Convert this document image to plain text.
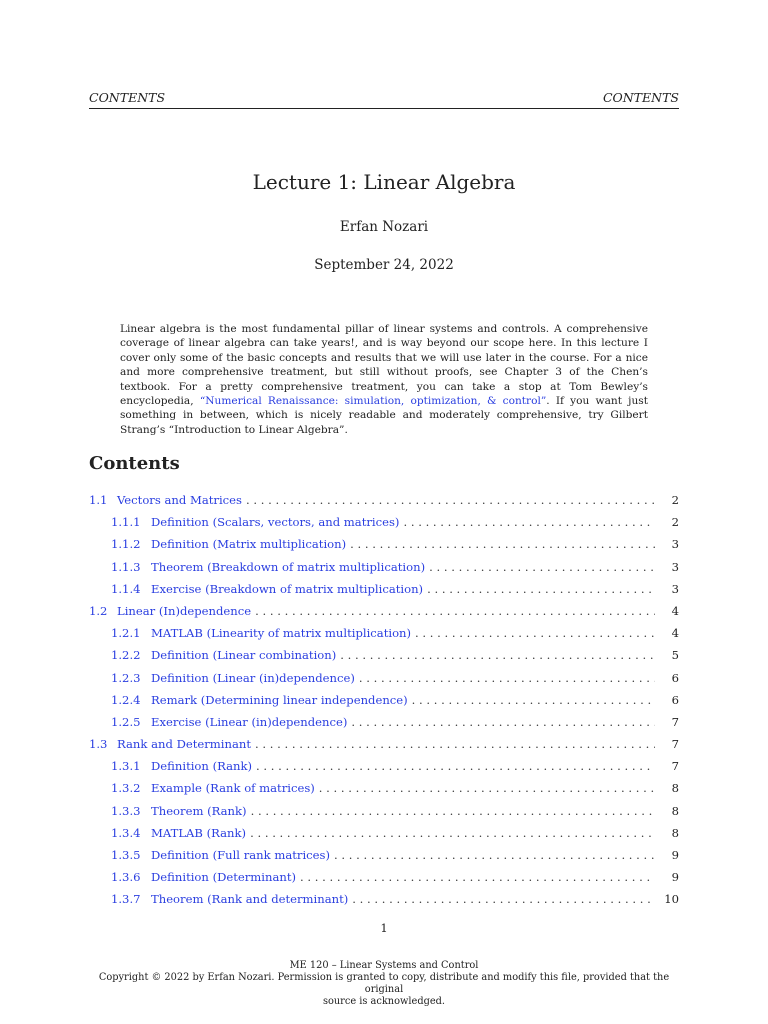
CONTENTS	CONTENTS
Lecture 1: Linear Algebra
Erfan Nozari
September 24, 2022
Linear algebra is the most fundamental pillar of linear systems and controls. A comprehensive coverage of linear algebra can take years!, and is way beyond our scope here. In this lecture I cover only some of the basic concepts and results that we will use later in the course. For a nice and more comprehensive treatment, but still without proofs, see Chapter 3 of the Chen’s textbook. For a pretty comprehensive treatment, you can take a stop at Tom Bewley’s encyclopedia, “Numerical Renaissance: simulation, optimization, & control”. If you want just something in between, which is nicely readable and moderately comprehensive, try Gilbert Strang’s “Introduction to Linear Algebra”.
Contents
1.1 Vectors and Matrices . . .	2
1.1.1 Definition (Scalars, vectors, and matrices) . . .	2
1.1.2 Definition (Matrix multiplication) . . .	3
1.1.3 Theorem (Breakdown of matrix multiplication) . . .	3
1.1.4 Exercise (Breakdown of matrix multiplication) . . .	3
1.2 Linear (In)dependence . . .	4
1.2.1 MATLAB (Linearity of matrix multiplication) . . .	4
1.2.2 Definition (Linear combination) . . .	5
1.2.3 Definition (Linear (in)dependence) . . .	6
1.2.4 Remark (Determining linear independence) . . .	6
1.2.5 Exercise (Linear (in)dependence) . . .	7
1.3 Rank and Determinant . . .	7
1.3.1 Definition (Rank) . . .	7
1.3.2 Example (Rank of matrices) . . .	8
1.3.3 Theorem (Rank) . . .	8
1.3.4 MATLAB (Rank) . . .	8
1.3.5 Definition (Full rank matrices) . . .	9
1.3.6 Definition (Determinant) . . .	9
1.3.7 Theorem (Rank and determinant) . . .	10
1
ME 120 – Linear Systems and Control
Copyright © 2022 by Erfan Nozari. Permission is granted to copy, distribute and modify this file, provided that the original
source is acknowledged.
